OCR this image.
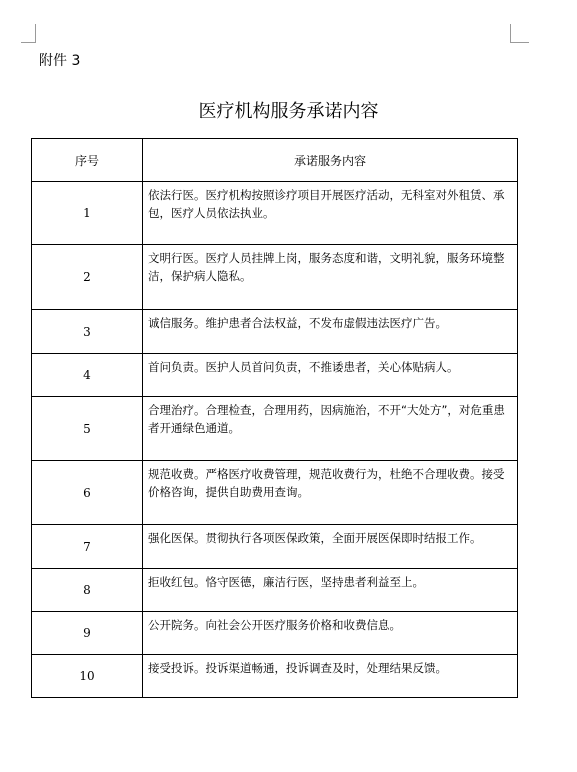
附件 3
医疗机构服务承诺内容
序号	承诺服务内容
1	依法行医。医疗机构按照诊疗项目开展医疗活动，无科室对外租赁、承包，医疗人员依法执业。
2	文明行医。医疗人员挂牌上岗，服务态度和谐，文明礼貌，服务环境整洁，保护病人隐私。
3	诚信服务。维护患者合法权益，不发布虚假违法医疗广告。
4	首问负责。医护人员首问负责，不推诿患者，关心体贴病人。
5	合理治疗。合理检查，合理用药，因病施治，不开“大处方”，对危重患者开通绿色通道。
6	规范收费。严格医疗收费管理，规范收费行为，杜绝不合理收费。接受价格咨询，提供自助费用查询。
7	强化医保。贯彻执行各项医保政策，全面开展医保即时结报工作。
8	拒收红包。恪守医德，廉洁行医，坚持患者利益至上。
9	公开院务。向社会公开医疗服务价格和收费信息。
10	接受投诉。投诉渠道畅通，投诉调查及时，处理结果反馈。
